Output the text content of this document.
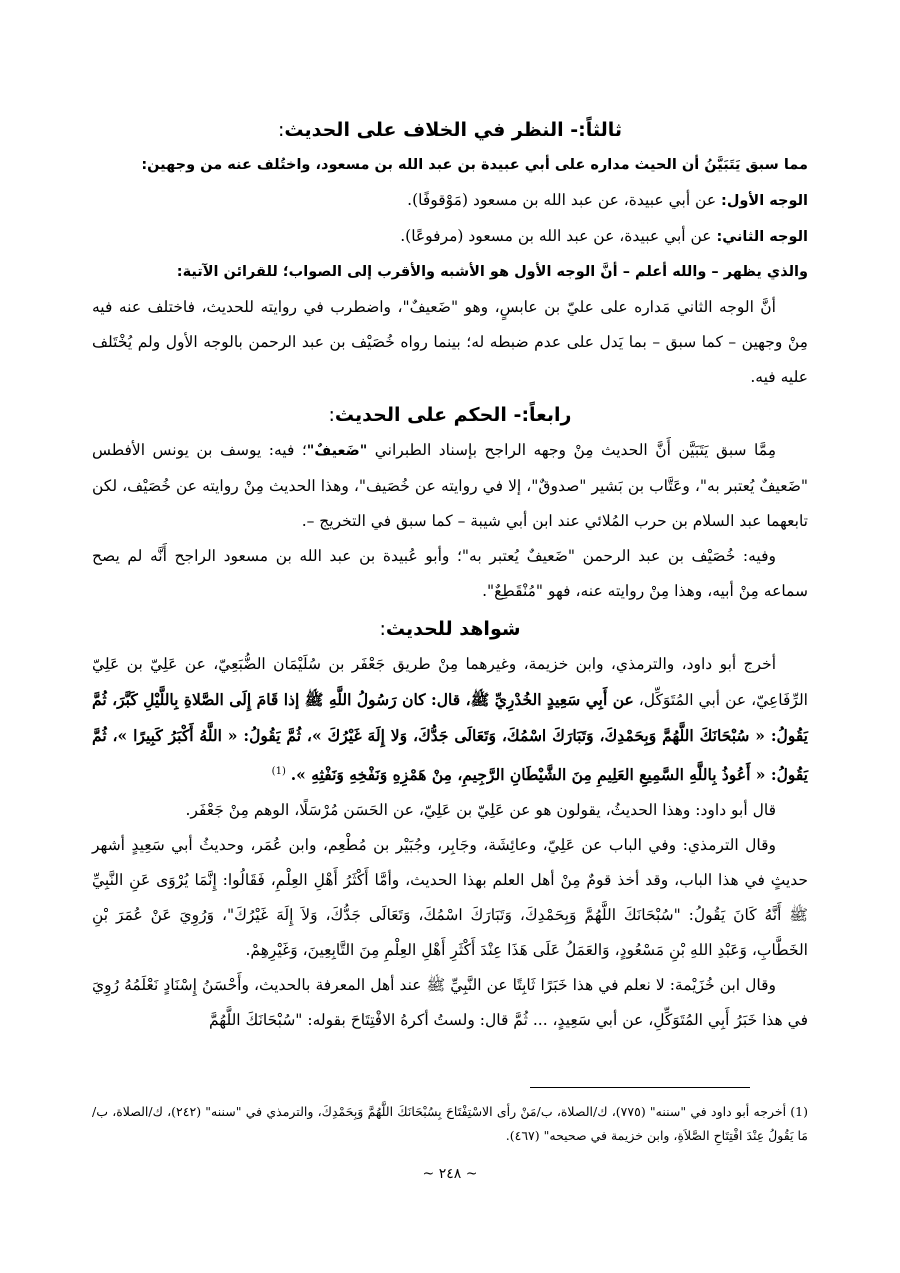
ثالثاً:- النظر في الخلاف على الحديث:

مما سبق يَتَبَيَّنُ أن الحيث مداره على أبي عبيدة بن عبد الله بن مسعود، واختُلف عنه من وجهين:

الوجه الأول: عن أبي عبيدة، عن عبد الله بن مسعود (مَوْقوفًا).

الوجه الثاني: عن أبي عبيدة، عن عبد الله بن مسعود (مرفوعًا).

والذي يظهر – والله أعلم – أنَّ الوجه الأول هو الأشبه والأقرب إلى الصواب؛ للقرائن الآتية:

أنَّ الوجه الثاني مَداره على عليّ بن عابسٍ، وهو "ضَعيفٌ"، واضطرب في روايته للحديث، فاختلف عنه فيه مِنْ وجهين – كما سبق – بما يَدل على عدم ضبطه له؛ بينما رواه خُصَيْف بن عبد الرحمن بالوجه الأول ولم يُخْتَلف عليه فيه.

رابعاً:- الحكم على الحديث:

مِمَّا سبق يَتَبَيَّن أَنَّ الحديث مِنْ وجهه الراجح بإسناد الطبراني "ضَعيفٌ"؛ فيه: يوسف بن يونس الأفطس "ضَعيفٌ يُعتبر به"، وعَتَّاب بن بَشير "صدوقٌ"، إلا في روايته عن خُصَيف"، وهذا الحديث مِنْ روايته عن خُصَيْف، لكن تابعهما عبد السلام بن حرب المُلائي عند ابن أبي شيبة – كما سبق في التخريج –.

وفيه: خُصَيْف بن عبد الرحمن "ضَعيفٌ يُعتبر به"؛ وأبو عُبيدة بن عبد الله بن مسعود الراجح أَنَّه لم يصح سماعه مِنْ أبيه، وهذا مِنْ روايته عنه، فهو "مُنْقَطِعٌ".

شواهد للحديث:

أخرج أبو داود، والترمذي، وابن خزيمة، وغيرهما مِنْ طريق جَعْفَر بن سُلَيْمَان الضُّبَعِيّ، عن عَلِيّ بن عَلِيّ الرِّفَاعِيّ، عن أبي المُتَوَكِّل، عن أَبِي سَعِيدٍ الخُدْرِيِّ ﷺ، قال: كان رَسُولُ اللَّهِ ﷺ إذا قَامَ إِلَى الصَّلاةِ بِاللَّيْلِ كَبَّرَ، ثُمَّ يَقُولُ: « سُبْحَانَكَ اللَّهُمَّ وَبِحَمْدِكَ، وَتَبَارَكَ اسْمُكَ، وَتَعَالَى جَدُّكَ، وَلا إِلَهَ غَيْرُكَ »، ثُمَّ يَقُولُ: « اللَّهُ أَكْبَرُ كَبِيرًا »، ثُمَّ يَقُولُ: « أَعُوذُ بِاللَّهِ السَّمِيعِ العَلِيمِ مِنَ الشَّيْطَانِ الرَّجِيمِ، مِنْ هَمْزِهِ وَنَفْخِهِ وَنَفْثِهِ ». $^{(1)}$

قال أبو داود: وهذا الحديثُ، يقولون هو عن عَلِيّ بن عَلِيّ، عن الحَسَن مُرْسَلًا، الوهم مِنْ جَعْفَر.

وقال الترمذي: وفي الباب عن عَلِيّ، وعائِشَة، وجَابِر، وجُبَيْر بن مُطْعِم، وابن عُمَر، وحديثُ أبي سَعِيدٍ أشهر حديثٍ في هذا الباب، وقد أخذ قومٌ مِنْ أهل العلم بهذا الحديث، وأمَّا أَكْثَرُ أَهْلِ العِلْمِ، فَقَالُوا: إِنَّمَا يُرْوَى عَنِ النَّبِيِّ ﷺ أَنَّهُ كَانَ يَقُولُ: "سُبْحَانَكَ اللَّهُمَّ وَبِحَمْدِكَ، وَتَبَارَكَ اسْمُكَ، وَتَعَالَى جَدُّكَ، وَلاَ إِلَهَ غَيْرُكَ"، وَرُوِيَ عَنْ عُمَرَ بْنِ الخَطَّابِ، وَعَبْدِ اللهِ بْنِ مَسْعُودٍ، وَالعَمَلُ عَلَى هَذَا عِنْدَ أَكْثَرِ أَهْلِ العِلْمِ مِنَ التَّابِعِينَ، وَغَيْرِهِمْ.

وقال ابن خُزَيْمة: لا نعلم في هذا خَبَرًا ثَابِتًا عن النَّبِيِّ ﷺ عند أهل المعرفة بالحديث، وأَحْسَنُ إِسْنَادٍ نَعْلَمُهُ رُوِيَ في هذا خَبَرُ أَبِي المُتَوَكِّلِ، عن أبي سَعِيدٍ، ... ثُمَّ قال: ولستُ أكرهُ الافْتِتَاحَ بقوله: "سُبْحَانَكَ اللَّهُمَّ

(1) أخرجه أبو داود في "سننه" (٧٧٥)، ك/الصلاة، ب/مَنْ رأى الاسْتِفْتَاحَ بِسُبْحَانَكَ اللَّهُمَّ وَبِحَمْدِكَ، والترمذي في "سننه" (٢٤٢)، ك/الصلاة، ب/مَا يَقُولُ عِنْدَ افْتِتَاحِ الصَّلاَةِ، وابن خزيمة في صحيحه" (٤٦٧).

~ ٢٤٨ ~
